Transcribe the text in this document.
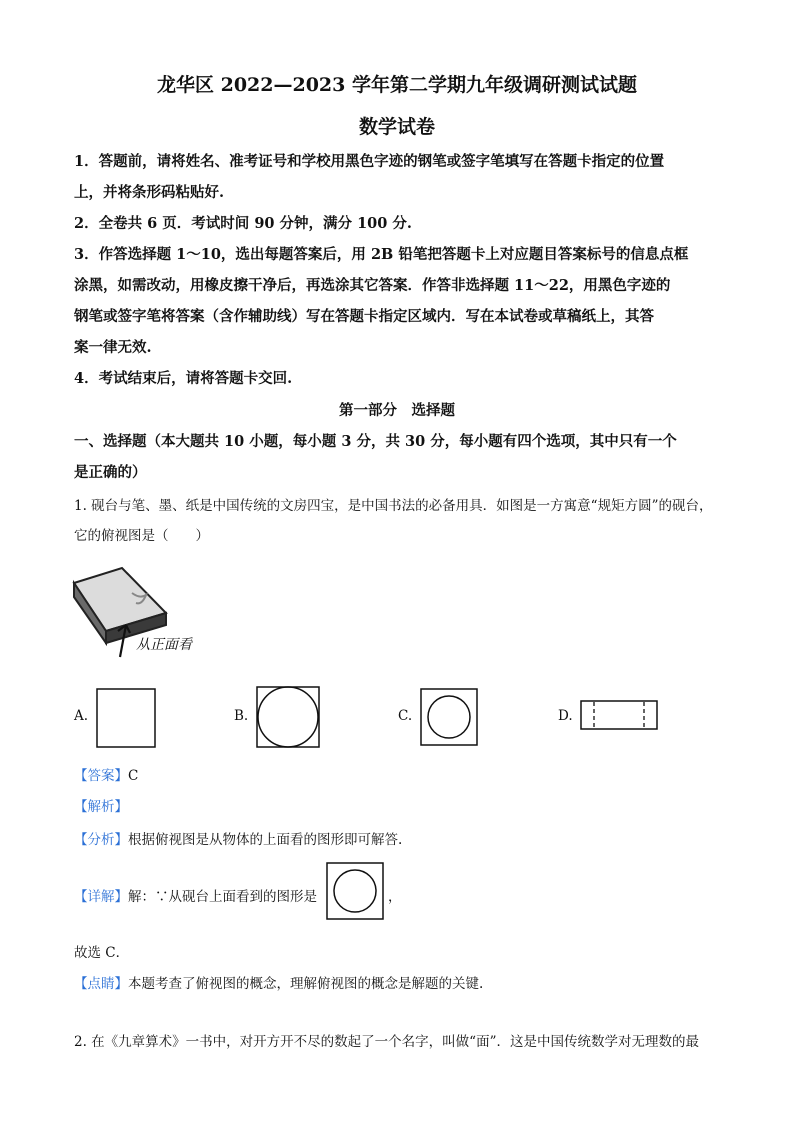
龙华区 2022—2023 学年第二学期九年级调研测试试题
数学试卷
1．答题前，请将姓名、准考证号和学校用黑色字迹的钢笔或签字笔填写在答题卡指定的位置
上，并将条形码粘贴好.
2．全卷共 6 页．考试时间 90 分钟，满分 100 分.
3．作答选择题 1～10，选出每题答案后，用 2B 铅笔把答题卡上对应题目答案标号的信息点框
涂黑，如需改动，用橡皮擦干净后，再选涂其它答案．作答非选择题 11～22，用黑色字迹的
钢笔或签字笔将答案（含作辅助线）写在答题卡指定区域内．写在本试卷或草稿纸上，其答
案一律无效.
4．考试结束后，请将答题卡交回.
第一部分　选择题
一、选择题（本大题共 10 小题，每小题 3 分，共 30 分，每小题有四个选项，其中只有一个
是正确的）
1. 砚台与笔、墨、纸是中国传统的文房四宝，是中国书法的必备用具．如图是一方寓意“规矩方圆”的砚台，
它的俯视图是（　　）
从正面看
A.	B.	C.	D.
【答案】C
【解析】
【分析】根据俯视图是从物体的上面看的图形即可解答.
【详解】解：∵从砚台上面看到的图形是	，
故选 C．
【点睛】本题考查了俯视图的概念，理解俯视图的概念是解题的关键.
2. 在《九章算术》一书中，对开方开不尽的数起了一个名字，叫做“面”．这是中国传统数学对无理数的最
